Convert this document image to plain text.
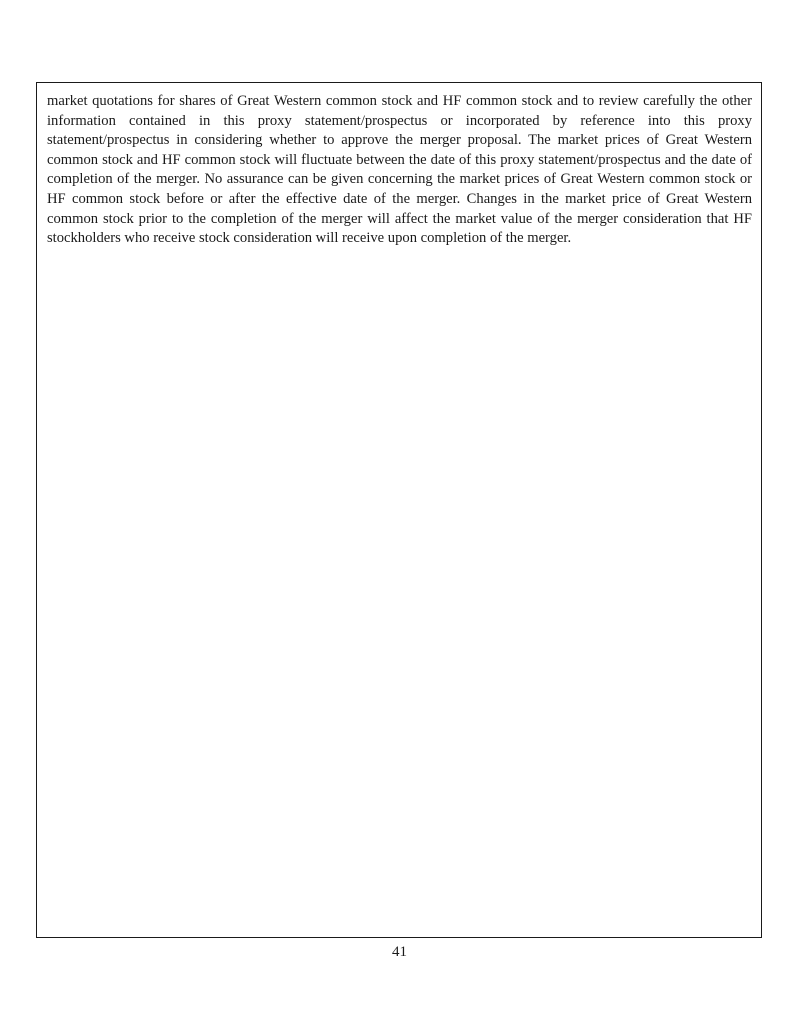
market quotations for shares of Great Western common stock and HF common stock and to review carefully the other information contained in this proxy statement/prospectus or incorporated by reference into this proxy statement/prospectus in considering whether to approve the merger proposal. The market prices of Great Western common stock and HF common stock will fluctuate between the date of this proxy statement/prospectus and the date of completion of the merger. No assurance can be given concerning the market prices of Great Western common stock or HF common stock before or after the effective date of the merger. Changes in the market price of Great Western common stock prior to the completion of the merger will affect the market value of the merger consideration that HF stockholders who receive stock consideration will receive upon completion of the merger.

41
